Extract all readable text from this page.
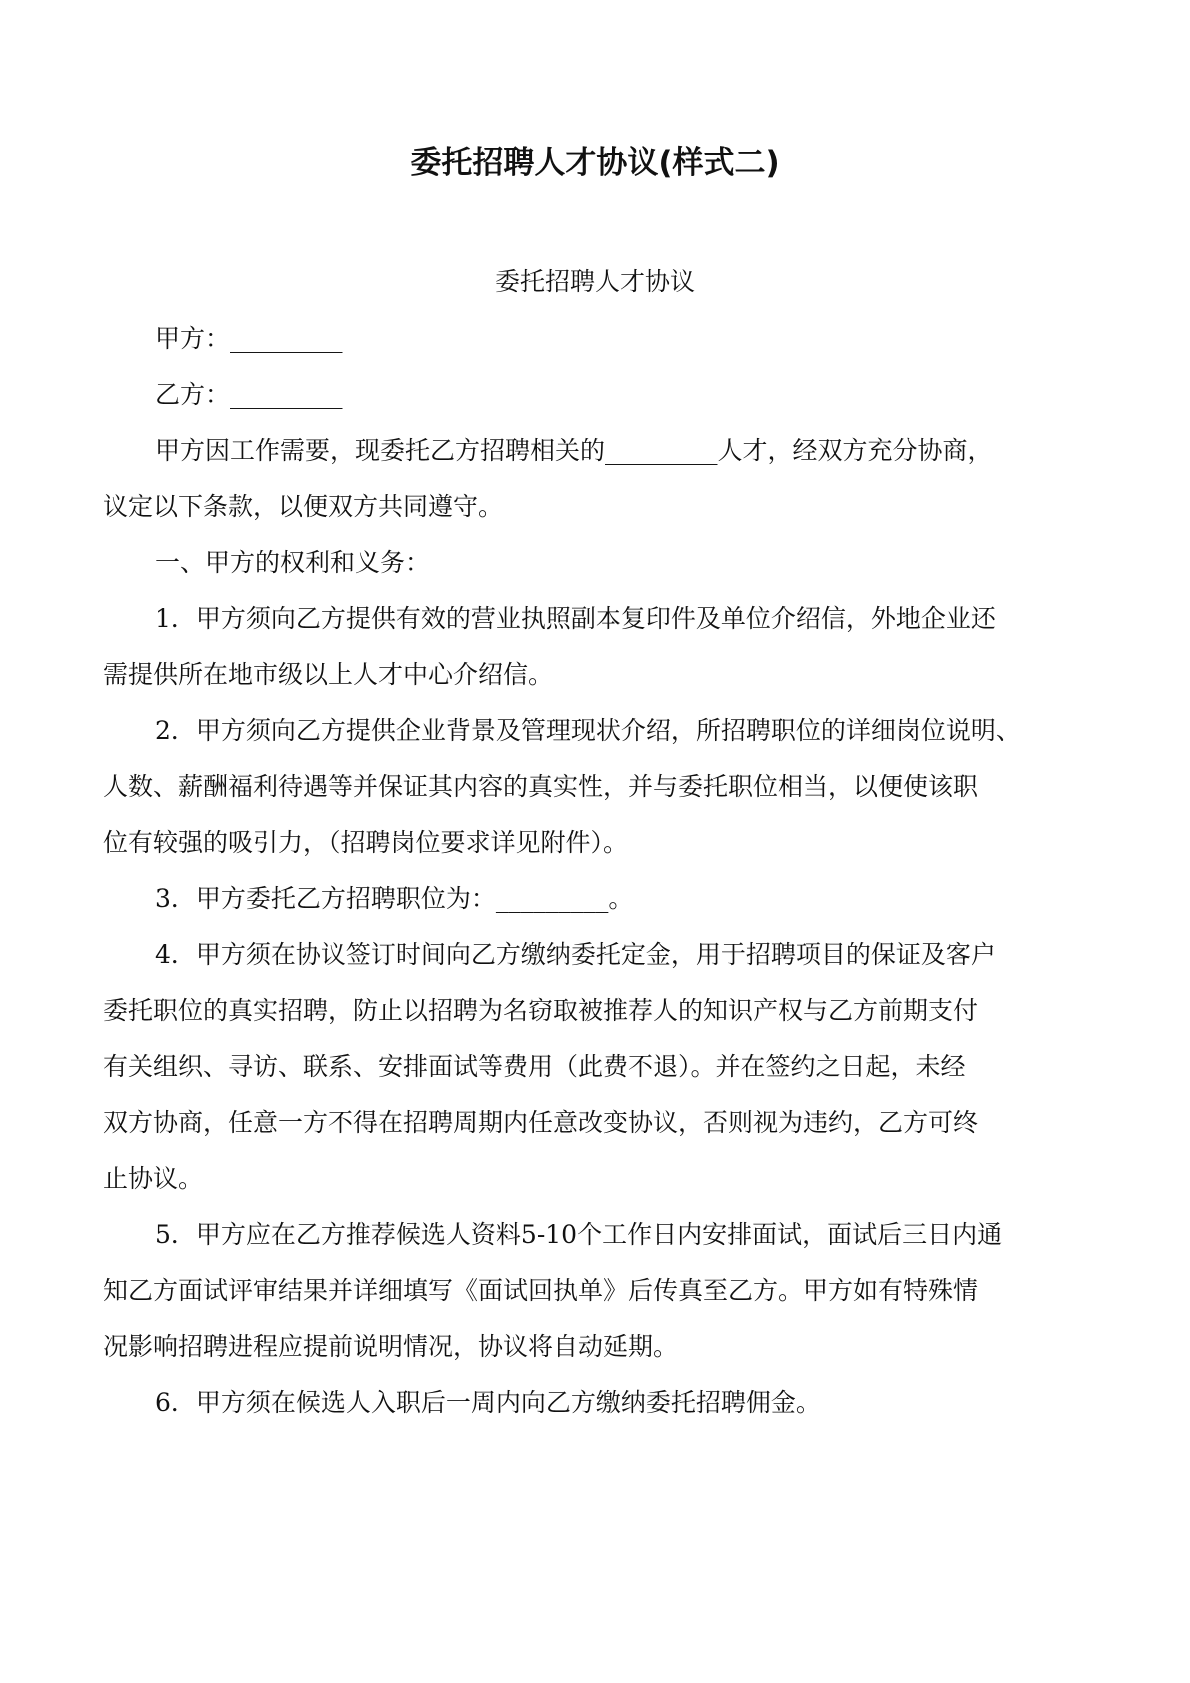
委托招聘人才协议(样式二)
委托招聘人才协议
甲方：_________
乙方：_________
甲方因工作需要，现委托乙方招聘相关的_________人才，经双方充分协商，
议定以下条款，以便双方共同遵守。
一、甲方的权利和义务：
1．甲方须向乙方提供有效的营业执照副本复印件及单位介绍信，外地企业还
需提供所在地市级以上人才中心介绍信。
2．甲方须向乙方提供企业背景及管理现状介绍，所招聘职位的详细岗位说明、
人数、薪酬福利待遇等并保证其内容的真实性，并与委托职位相当，以便使该职
位有较强的吸引力，（招聘岗位要求详见附件）。
3．甲方委托乙方招聘职位为：_________。
4．甲方须在协议签订时间向乙方缴纳委托定金，用于招聘项目的保证及客户
委托职位的真实招聘，防止以招聘为名窃取被推荐人的知识产权与乙方前期支付
有关组织、寻访、联系、安排面试等费用（此费不退）。并在签约之日起，未经
双方协商，任意一方不得在招聘周期内任意改变协议，否则视为违约，乙方可终
止协议。
5．甲方应在乙方推荐候选人资料5-10个工作日内安排面试，面试后三日内通
知乙方面试评审结果并详细填写《面试回执单》后传真至乙方。甲方如有特殊情
况影响招聘进程应提前说明情况，协议将自动延期。
6．甲方须在候选人入职后一周内向乙方缴纳委托招聘佣金。
